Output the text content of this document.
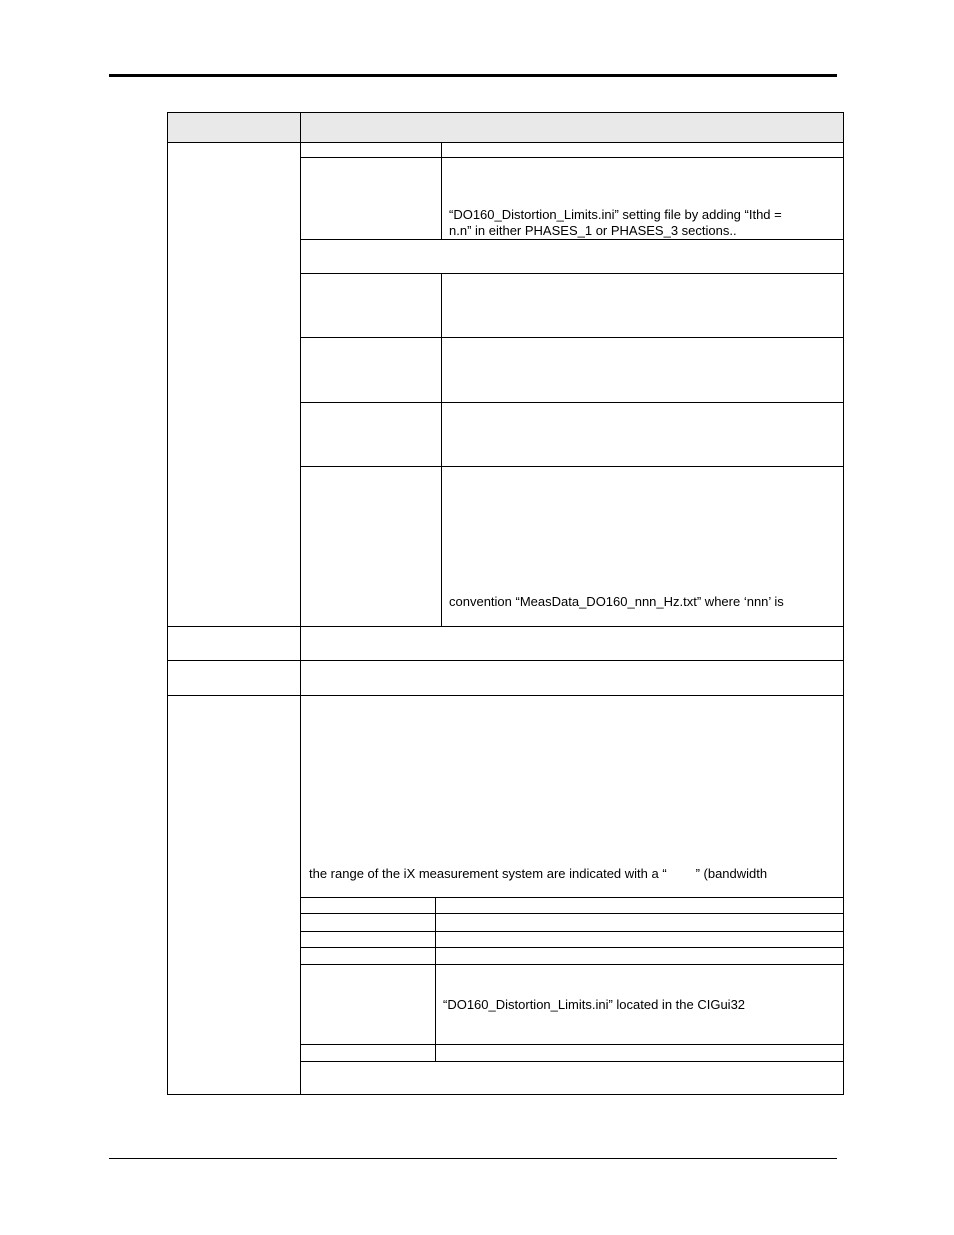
“DO160_Distortion_Limits.ini” setting file by adding “Ithd =
n.n” in either PHASES_1 or PHASES_3 sections..
convention “MeasData_DO160_nnn_Hz.txt” where ‘nnn’ is
the range of the iX measurement system are indicated with a “        ” (bandwidth
“DO160_Distortion_Limits.ini” located in the CIGui32
